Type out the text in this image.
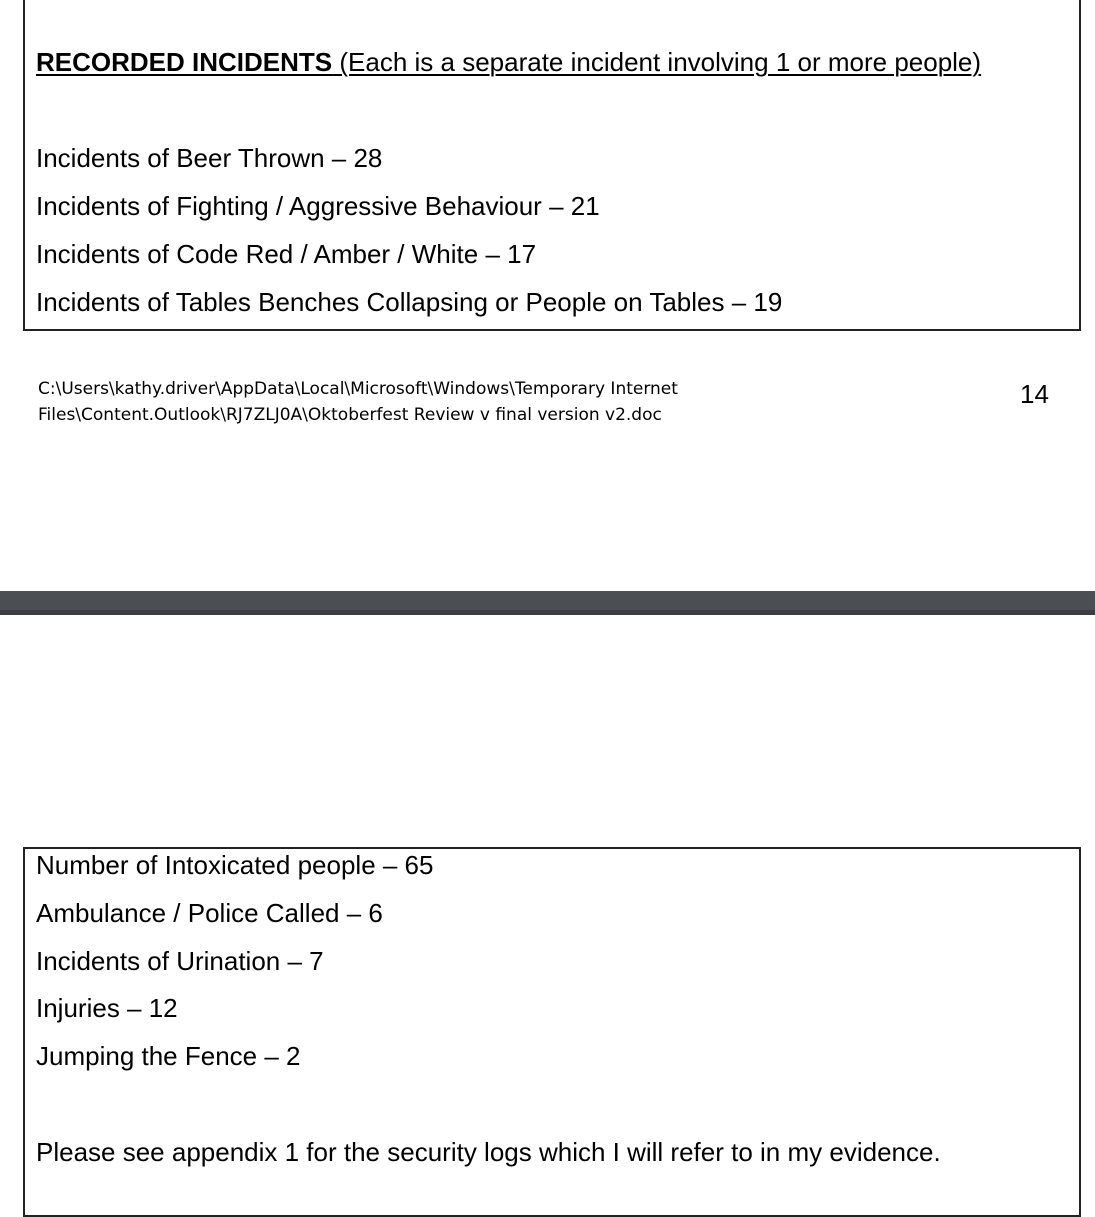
RECORDED INCIDENTS (Each is a separate incident involving 1 or more people)
Incidents of Beer Thrown – 28
Incidents of Fighting / Aggressive Behaviour – 21
Incidents of Code Red / Amber / White – 17
Incidents of Tables Benches Collapsing or People on Tables – 19
C:\Users\kathy.driver\AppData\Local\Microsoft\Windows\Temporary Internet
Files\Content.Outlook\RJ7ZLJ0A\Oktoberfest Review v final version v2.doc
14
Number of Intoxicated people – 65
Ambulance / Police Called – 6
Incidents of Urination – 7
Injuries – 12
Jumping the Fence – 2
Please see appendix 1 for the security logs which I will refer to in my evidence.
